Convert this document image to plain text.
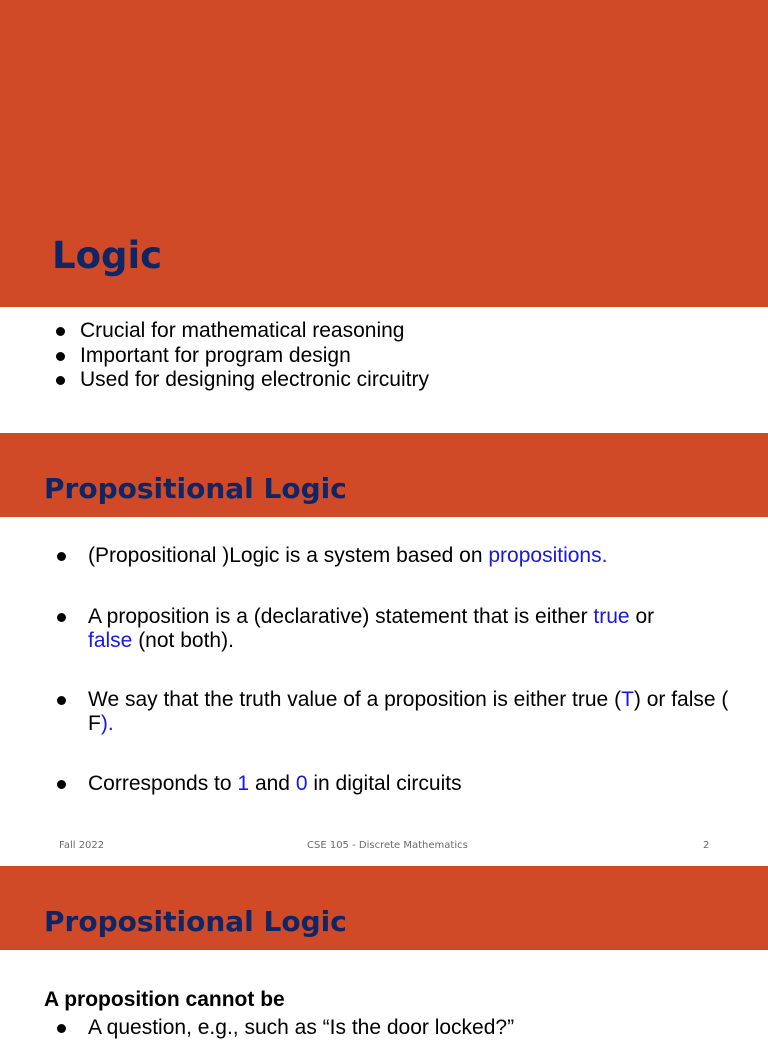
Logic
Crucial for mathematical reasoning
Important for program design
Used for designing electronic circuitry
Propositional Logic
(Propositional )Logic is a system based on propositions.
A proposition is a (declarative) statement that is either true or
false (not both).
We say that the truth value of a proposition is either true (T) or false (
F).
Corresponds to 1 and 0 in digital circuits
Fall 2022	CSE 105 - Discrete Mathematics	2
Propositional Logic
A proposition cannot be
A question, e.g., such as “Is the door locked?”
